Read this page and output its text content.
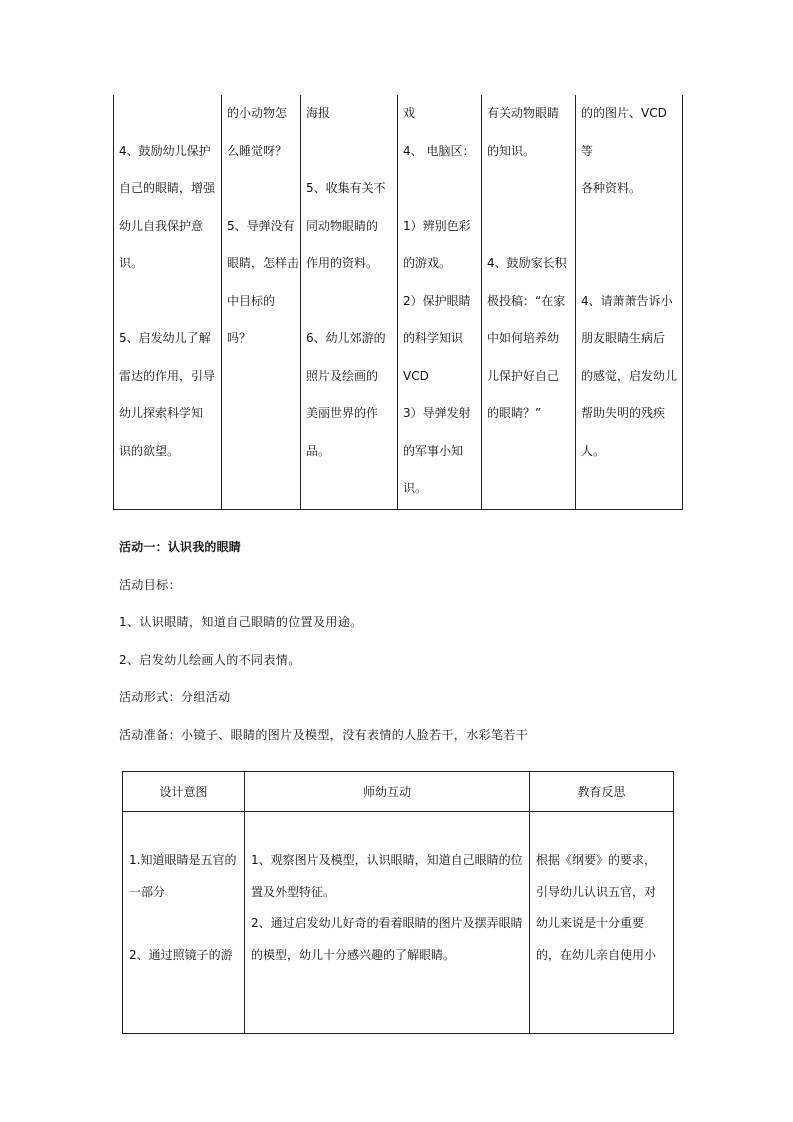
4、鼓励幼儿保护
自己的眼睛，增强
幼儿自我保护意
识。

5、启发幼儿了解
雷达的作用，引导
幼儿探索科学知
识的欲望。	的小动物怎
么睡觉呀？

5、导弹没有
眼睛，怎样击
中目标的
吗？	海报

5、收集有关不
同动物眼睛的
作用的资料。

6、幼儿郊游的
照片及绘画的
美丽世界的作
品。	戏
4、 电脑区：

1）辨别色彩
的游戏。
2）保护眼睛
的科学知识
VCD
3）导弹发射
的军事小知
识。	有关动物眼睛
的知识。

4、鼓励家长积
极投稿：“在家
中如何培养幼
儿保护好自己
的眼睛？”	的的图片、VCD 等
各种资料。

4、请萧萧告诉小
朋友眼睛生病后
的感觉，启发幼儿
帮助失明的残疾
人。

活动一：认识我的眼睛

活动目标：

1、认识眼睛，知道自己眼睛的位置及用途。

2、启发幼儿绘画人的不同表情。

活动形式：分组活动

活动准备：小镜子、眼睛的图片及模型，没有表情的人脸若干，水彩笔若干

设计意图	师幼互动	教育反思
1.知道眼睛是五官的
一部分

2、通过照镜子的游	1、观察图片及模型，认识眼睛，知道自己眼睛的位
置及外型特征。
2、通过启发幼儿好奇的看着眼睛的图片及摆弄眼睛
的模型，幼儿十分感兴趣的了解眼睛。	根据《纲要》的要求，
引导幼儿认识五官，对
幼儿来说是十分重要
的，在幼儿亲自使用小
